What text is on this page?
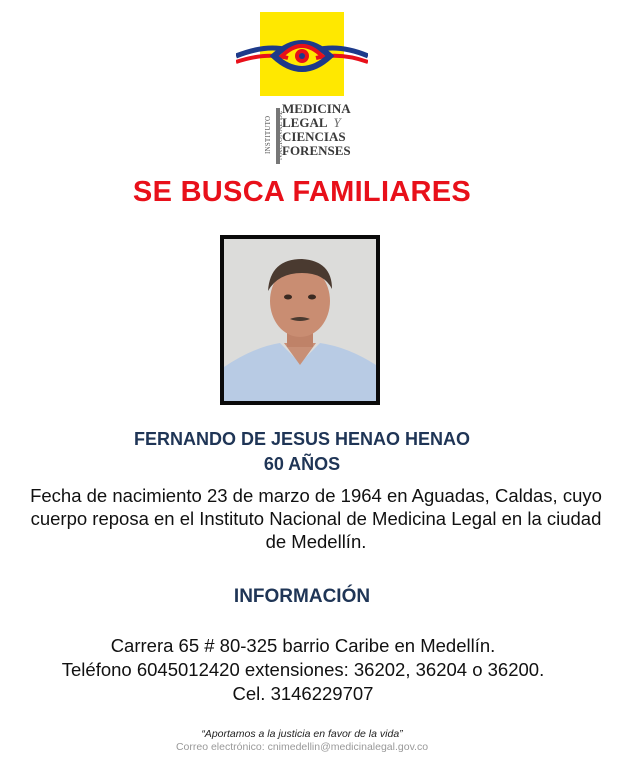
INSTITUTO NACIONAL DE
MEDICINA
LEGAL Y
CIENCIAS
FORENSES
SE BUSCA FAMILIARES
FERNANDO DE JESUS HENAO HENAO
60 AÑOS
Fecha de nacimiento 23 de marzo de 1964 en Aguadas, Caldas, cuyo cuerpo reposa en el Instituto Nacional de Medicina Legal en la ciudad de Medellín.
INFORMACIÓN
Carrera 65 # 80-325 barrio Caribe en Medellín.
Teléfono 6045012420 extensiones: 36202, 36204 o 36200.
Cel. 3146229707
“Aportamos a la justicia en favor de la vida”
Correo electrónico: cnimedellin@medicinalegal.gov.co
